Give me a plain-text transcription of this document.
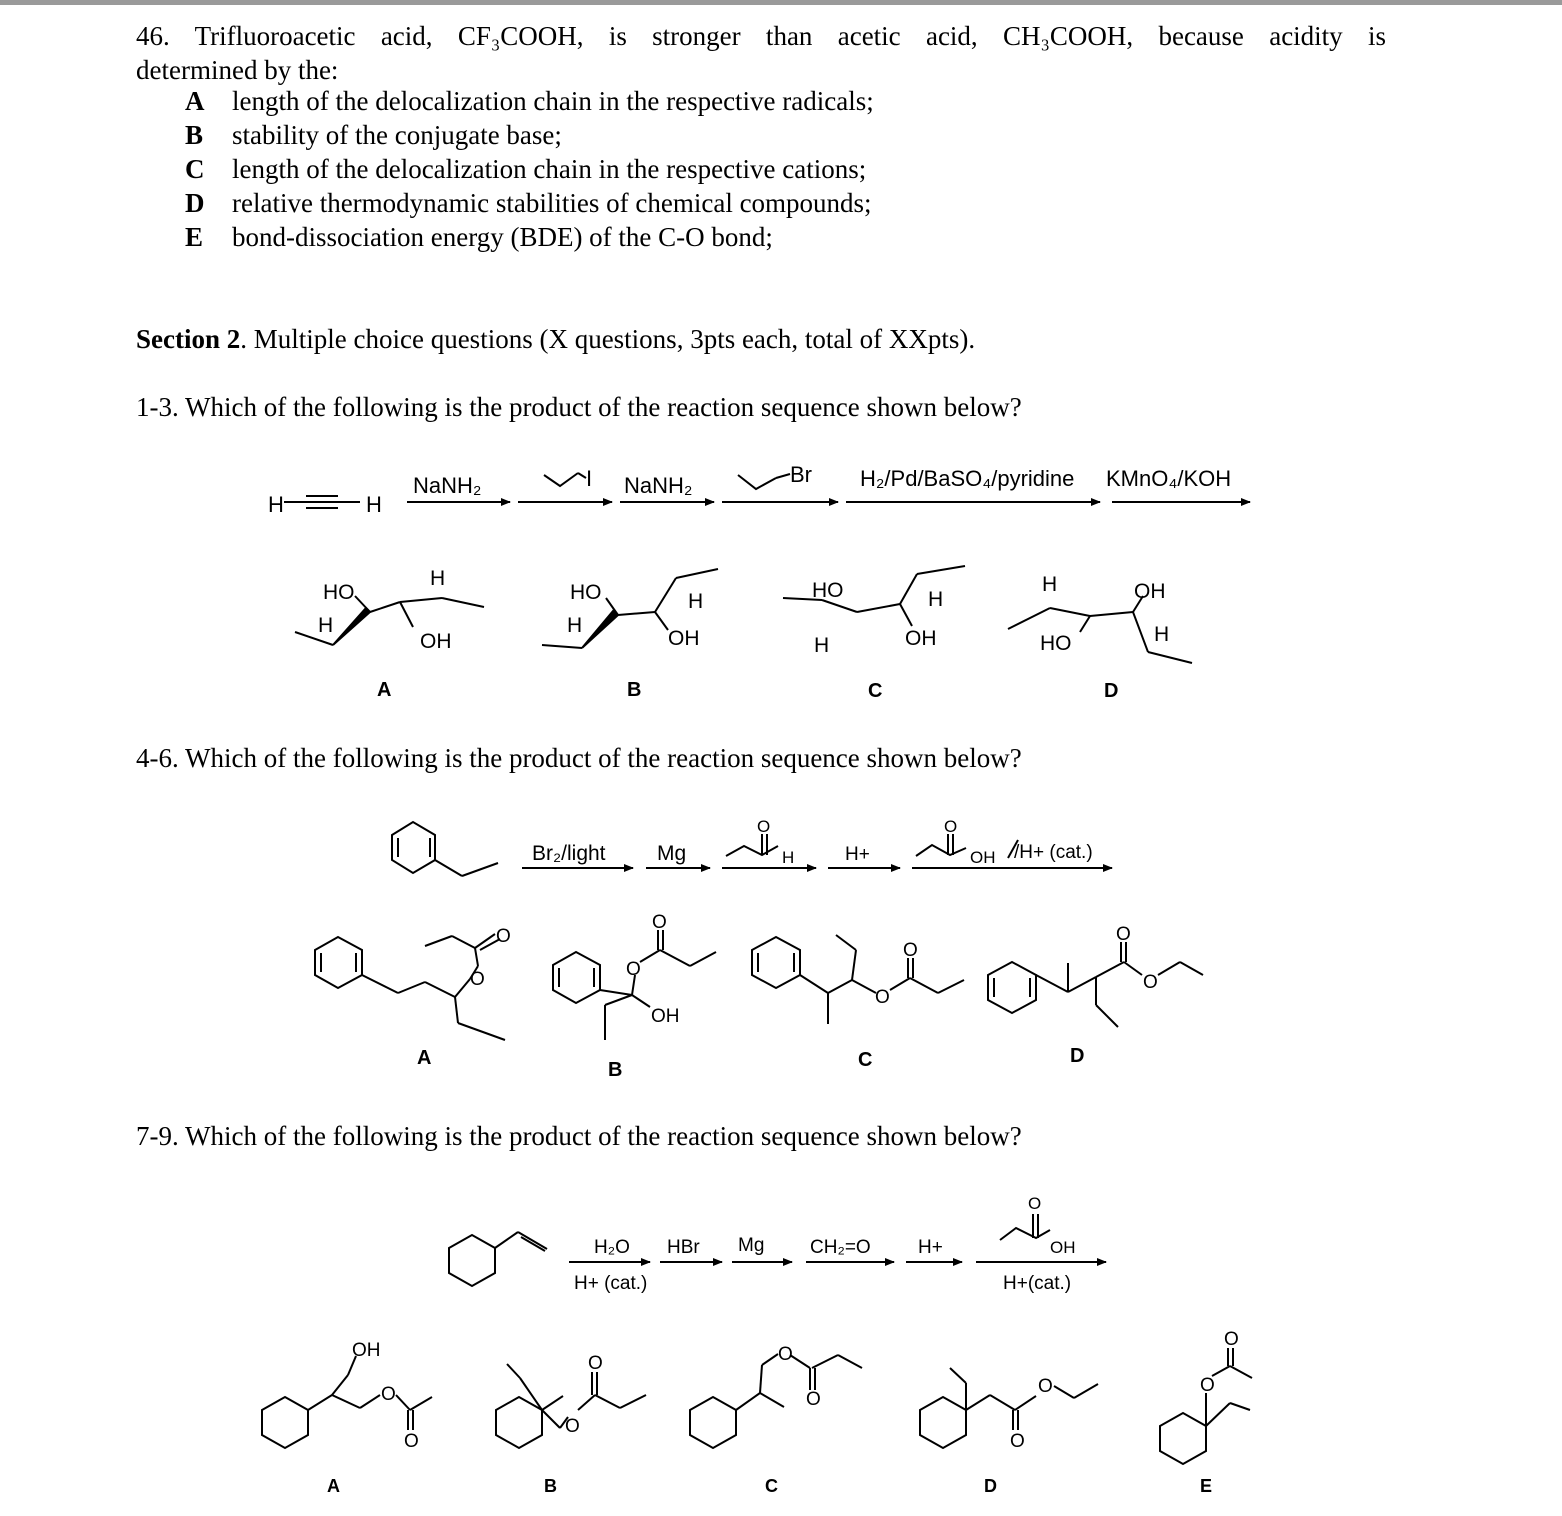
46. Trifluoroacetic acid, CF₃COOH, is stronger than acetic acid, CH₃COOH, because acidity is
determined by the:
A length of the delocalization chain in the respective radicals;
B stability of the conjugate base;
C length of the delocalization chain in the respective cations;
D relative thermodynamic stabilities of chemical compounds;
E bond-dissociation energy (BDE) of the C-O bond;
Section 2. Multiple choice questions (X questions, 3pts each, total of XXpts).
1-3. Which of the following is the product of the reaction sequence shown below?
4-6. Which of the following is the product of the reaction sequence shown below?
7-9. Which of the following is the product of the reaction sequence shown below?
H	H
NaNH₂	I NaNH₂	Br H₂/Pd/BaSO₄/pyridine KMnO₄/KOH
HO
H
H
OH
A
HO
H
H
OH
B
HO
H
H
OH
C
H
HO
OH
H
D
Br₂/light Mg
O
H	H+
O
OH /H+ (cat.)
O
O
A
O
O
OH
B
O
O
C
O
O
D
H₂O
H+ (cat.)
HBr Mg CH₂=O H+
O
OH
H+(cat.)
OH
O
O
A
O
O
B
O
O
C
O
O
D
O
O
E
